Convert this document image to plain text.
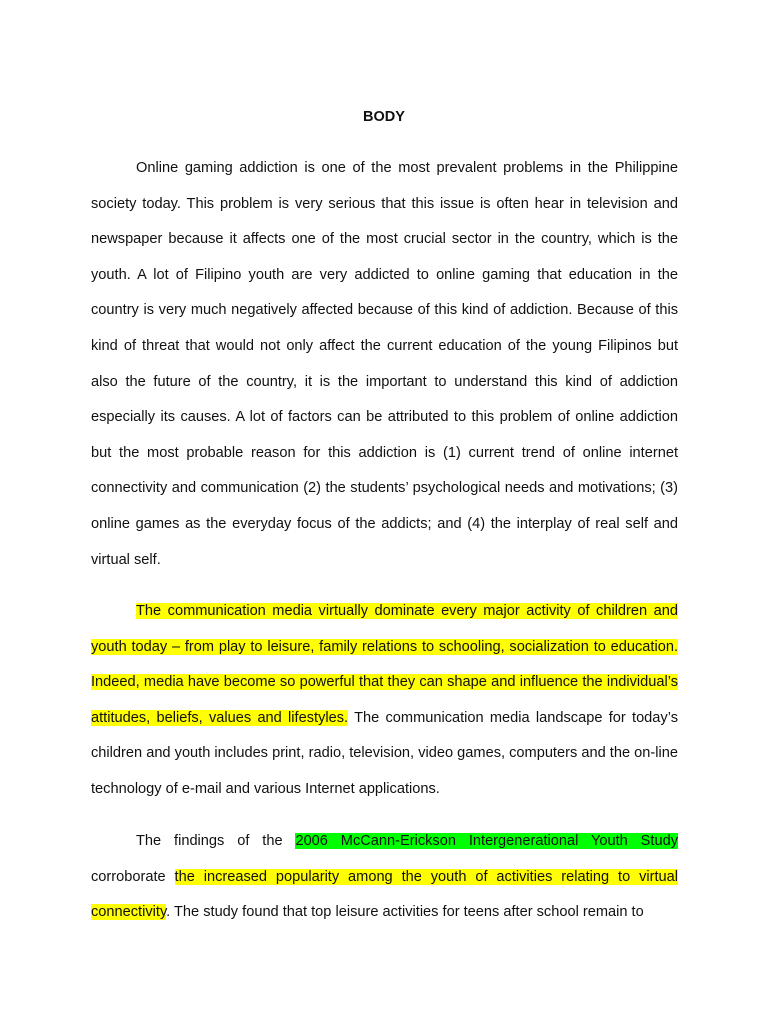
BODY

Online gaming addiction is one of the most prevalent problems in the Philippine society today. This problem is very serious that this issue is often hear in television and newspaper because it affects one of the most crucial sector in the country, which is the youth. A lot of Filipino youth are very addicted to online gaming that education in the country is very much negatively affected because of this kind of addiction. Because of this kind of threat that would not only affect the current education of the young Filipinos but also the future of the country, it is the important to understand this kind of addiction especially its causes. A lot of factors can be attributed to this problem of online addiction but the most probable reason for this addiction is (1) current trend of online internet connectivity and communication (2) the students’ psychological needs and motivations; (3) online games as the everyday focus of the addicts; and (4) the interplay of real self and virtual self.

The communication media virtually dominate every major activity of children and youth today – from play to leisure, family relations to schooling, socialization to education. Indeed, media have become so powerful that they can shape and influence the individual’s attitudes, beliefs, values and lifestyles. The communication media landscape for today’s children and youth includes print, radio, television, video games, computers and the on-line technology of e-mail and various Internet applications.

The findings of the 2006 McCann-Erickson Intergenerational Youth Study corroborate the increased popularity among the youth of activities relating to virtual connectivity. The study found that top leisure activities for teens after school remain to
